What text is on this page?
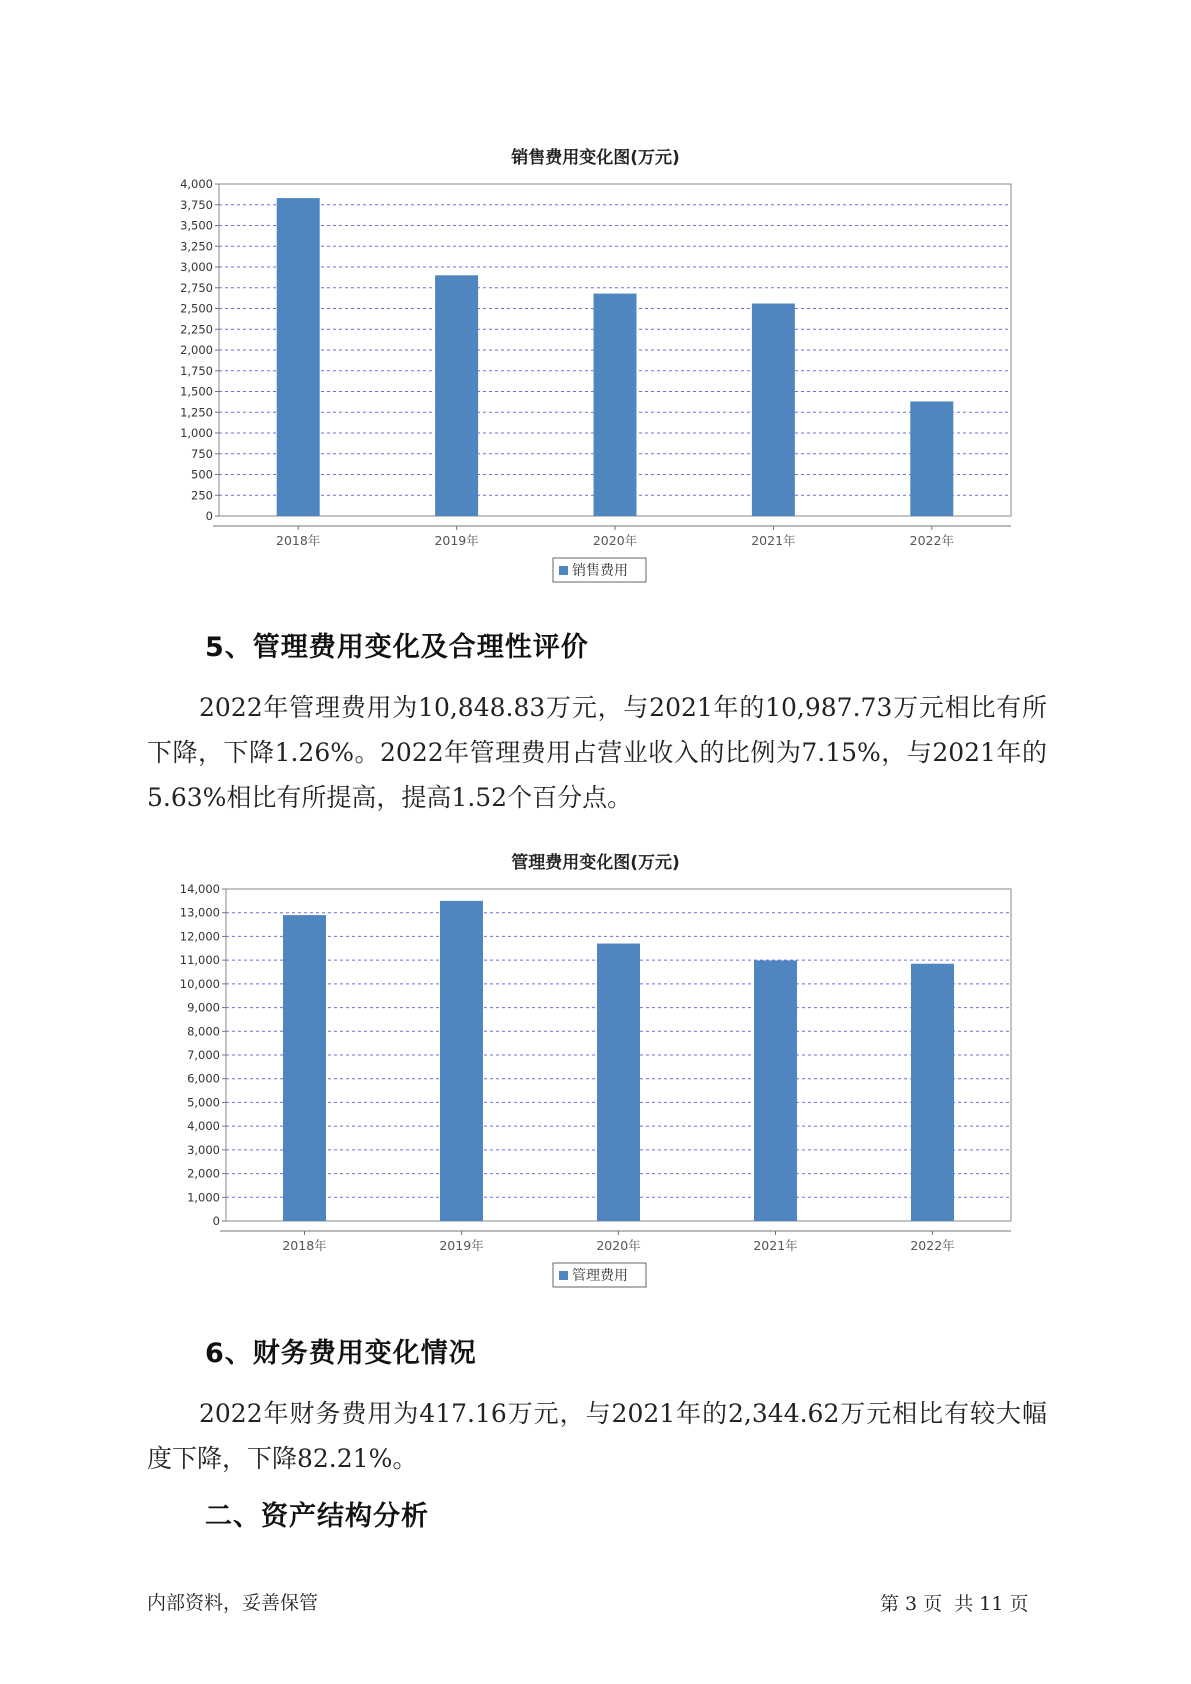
销售费用变化图(万元)
0
250
500
750
1,000
1,250
1,500
1,750
2,000
2,250
2,500
2,750
3,000
3,250
3,500
3,750
4,000
2018年	2019年	2020年	2021年	2022年
销售费用
5、管理费用变化及合理性评价

2022年管理费用为10,848.83万元，与2021年的10,987.73万元相比有所下降，下降1.26%。2022年管理费用占营业收入的比例为7.15%，与2021年的5.63%相比有所提高，提高1.52个百分点。

管理费用变化图(万元)
0
1,000
2,000
3,000
4,000
5,000
6,000
7,000
8,000
9,000
10,000
11,000
12,000
13,000
14,000
2018年	2019年	2020年	2021年	2022年
管理费用
6、财务费用变化情况

2022年财务费用为417.16万元，与2021年的2,344.62万元相比有较大幅度下降，下降82.21%。

二、资产结构分析
内部资料，妥善保管	第 3 页  共 11 页
